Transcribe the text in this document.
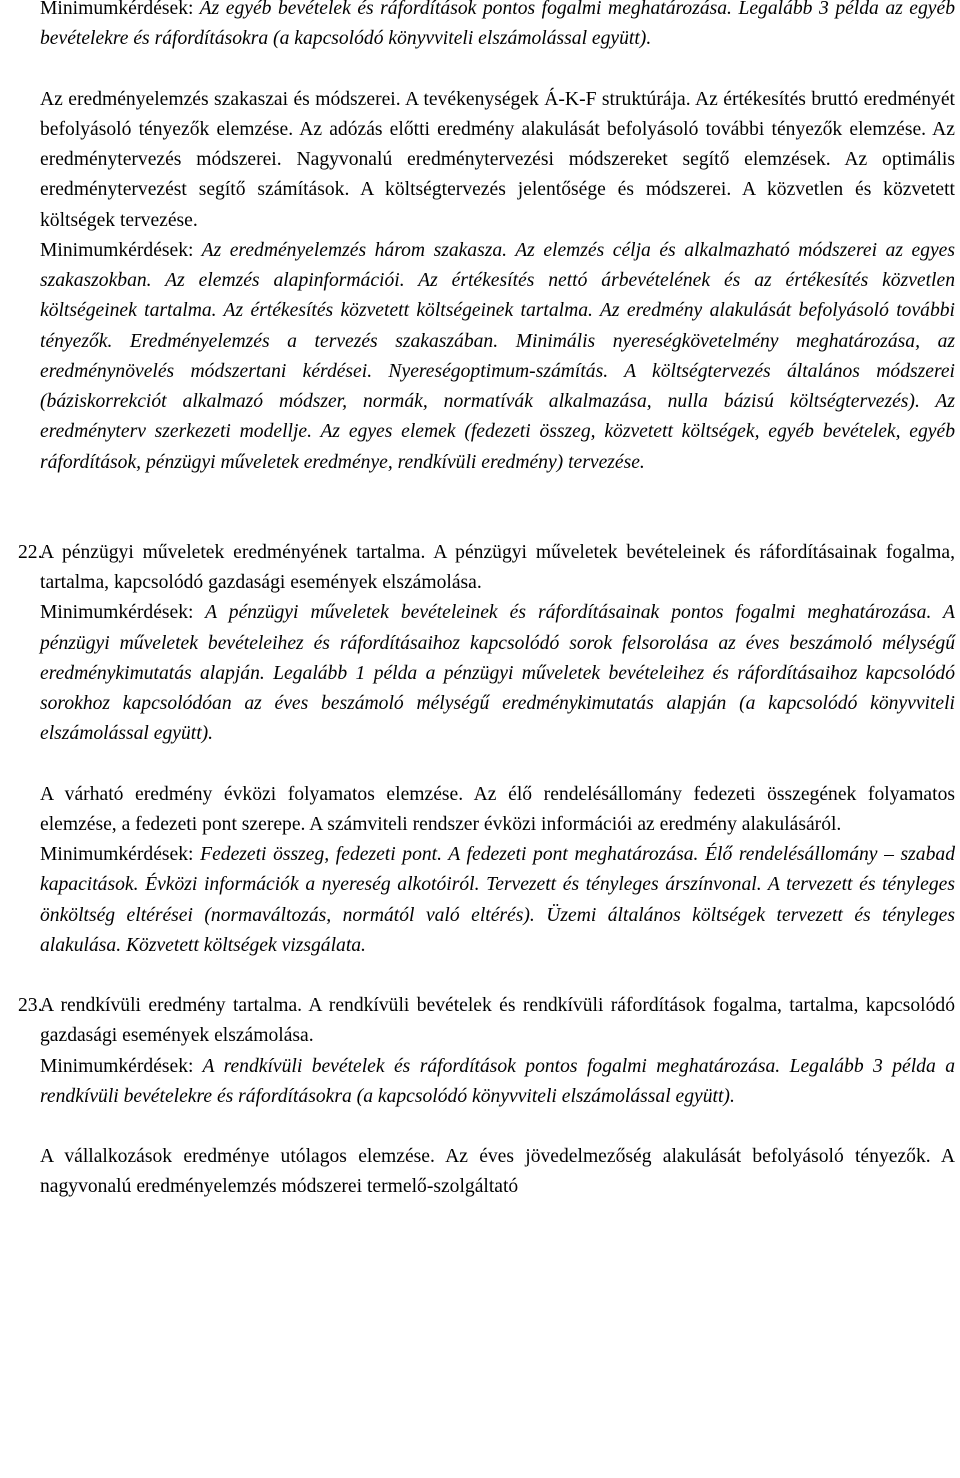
Minimumkérdések: Az egyéb bevételek és ráfordítások pontos fogalmi meghatározása. Legalább 3 példa az egyéb bevételekre és ráfordításokra (a kapcsolódó könyvviteli elszámolással együtt).

Az eredményelemzés szakaszai és módszerei. A tevékenységek Á-K-F struktúrája. Az értékesítés bruttó eredményét befolyásoló tényezők elemzése. Az adózás előtti eredmény alakulását befolyásoló további tényezők elemzése. Az eredménytervezés módszerei. Nagyvonalú eredménytervezési módszereket segítő elemzések. Az optimális eredménytervezést segítő számítások. A költségtervezés jelentősége és módszerei. A közvetlen és közvetett költségek tervezése.

Minimumkérdések: Az eredményelemzés három szakasza. Az elemzés célja és alkalmazható módszerei az egyes szakaszokban. Az elemzés alapinformációi. Az értékesítés nettó árbevételének és az értékesítés közvetlen költségeinek tartalma. Az értékesítés közvetett költségeinek tartalma. Az eredmény alakulását befolyásoló további tényezők. Eredményelemzés a tervezés szakaszában. Minimális nyereségkövetelmény meghatározása, az eredménynövelés módszertani kérdései. Nyereségoptimum-számítás. A költségtervezés általános módszerei (báziskorrekciót alkalmazó módszer, normák, normatívák alkalmazása, nulla bázisú költségtervezés). Az eredményterv szerkezeti modellje. Az egyes elemek (fedezeti összeg, közvetett költségek, egyéb bevételek, egyéb ráfordítások, pénzügyi műveletek eredménye, rendkívüli eredmény) tervezése.

22.
A pénzügyi műveletek eredményének tartalma. A pénzügyi műveletek bevételeinek és ráfordításainak fogalma, tartalma, kapcsolódó gazdasági események elszámolása.

Minimumkérdések: A pénzügyi műveletek bevételeinek és ráfordításainak pontos fogalmi meghatározása. A pénzügyi műveletek bevételeihez és ráfordításaihoz kapcsolódó sorok felsorolása az éves beszámoló mélységű eredménykimutatás alapján. Legalább 1 példa a pénzügyi műveletek bevételeihez és ráfordításaihoz kapcsolódó sorokhoz kapcsolódóan az éves beszámoló mélységű eredménykimutatás alapján (a kapcsolódó könyvviteli elszámolással együtt).

A várható eredmény évközi folyamatos elemzése. Az élő rendelésállomány fedezeti összegének folyamatos elemzése, a fedezeti pont szerepe. A számviteli rendszer évközi információi az eredmény alakulásáról.

Minimumkérdések: Fedezeti összeg, fedezeti pont. A fedezeti pont meghatározása. Élő rendelésállomány – szabad kapacitások. Évközi információk a nyereség alkotóiról. Tervezett és tényleges árszínvonal. A tervezett és tényleges önköltség eltérései (normaváltozás, normától való eltérés). Üzemi általános költségek tervezett és tényleges alakulása. Közvetett költségek vizsgálata.

23.
A rendkívüli eredmény tartalma. A rendkívüli bevételek és rendkívüli ráfordítások fogalma, tartalma, kapcsolódó gazdasági események elszámolása.

Minimumkérdések: A rendkívüli bevételek és ráfordítások pontos fogalmi meghatározása. Legalább 3 példa a rendkívüli bevételekre és ráfordításokra (a kapcsolódó könyvviteli elszámolással együtt).

A vállalkozások eredménye utólagos elemzése. Az éves jövedelmezőség alakulását befolyásoló tényezők. A nagyvonalú eredményelemzés módszerei termelő-szolgáltató
